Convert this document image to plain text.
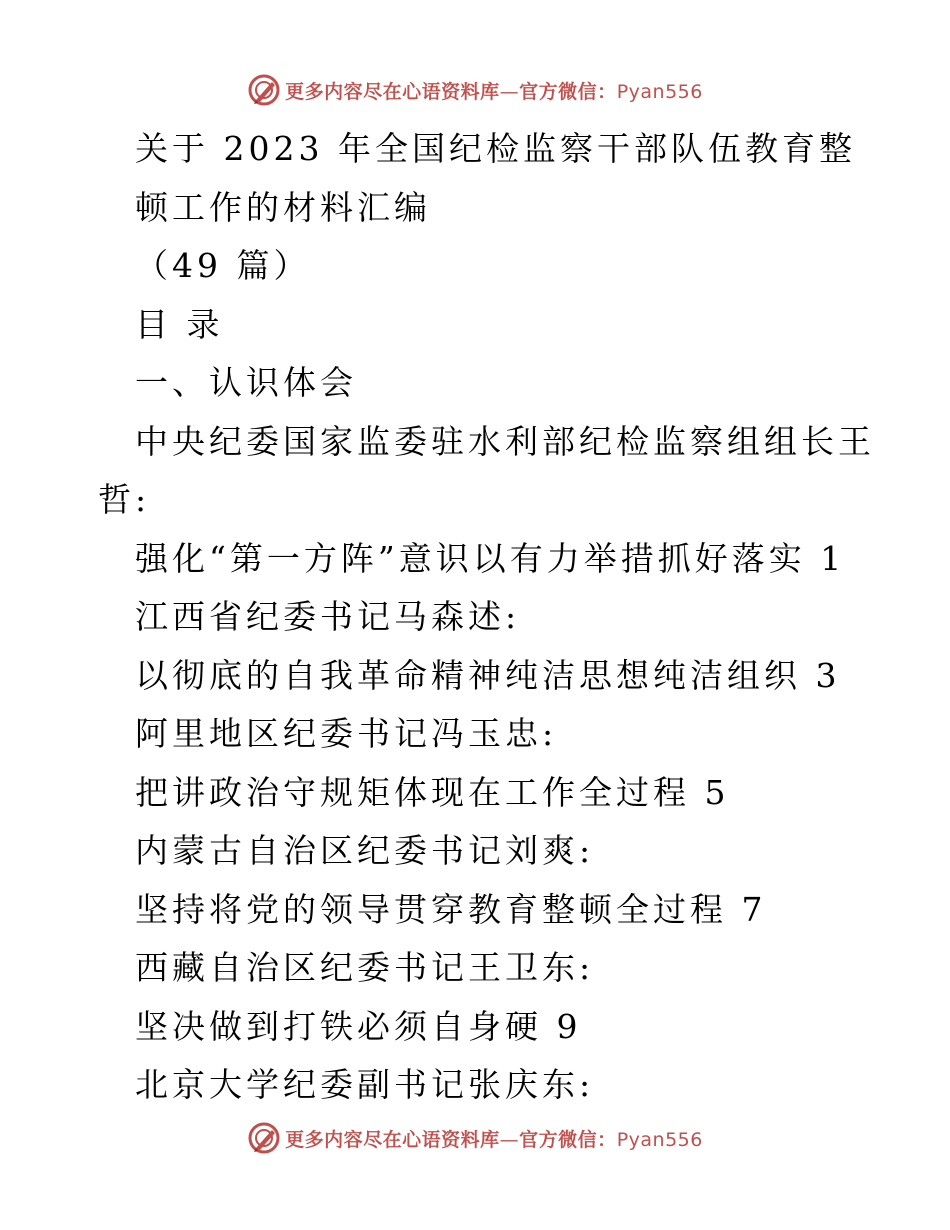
更多内容尽在心语资料库—官方微信：Pyan556
关于 2023 年全国纪检监察干部队伍教育整
顿工作的材料汇编
（49 篇）
目 录
一、认识体会
中央纪委国家监委驻水利部纪检监察组组长王
哲:
强化“第一方阵”意识以有力举措抓好落实 1
江西省纪委书记马森述:
以彻底的自我革命精神纯洁思想纯洁组织 3
阿里地区纪委书记冯玉忠:
把讲政治守规矩体现在工作全过程 5
内蒙古自治区纪委书记刘爽:
坚持将党的领导贯穿教育整顿全过程 7
西藏自治区纪委书记王卫东:
坚决做到打铁必须自身硬 9
北京大学纪委副书记张庆东:
更多内容尽在心语资料库—官方微信：Pyan556
